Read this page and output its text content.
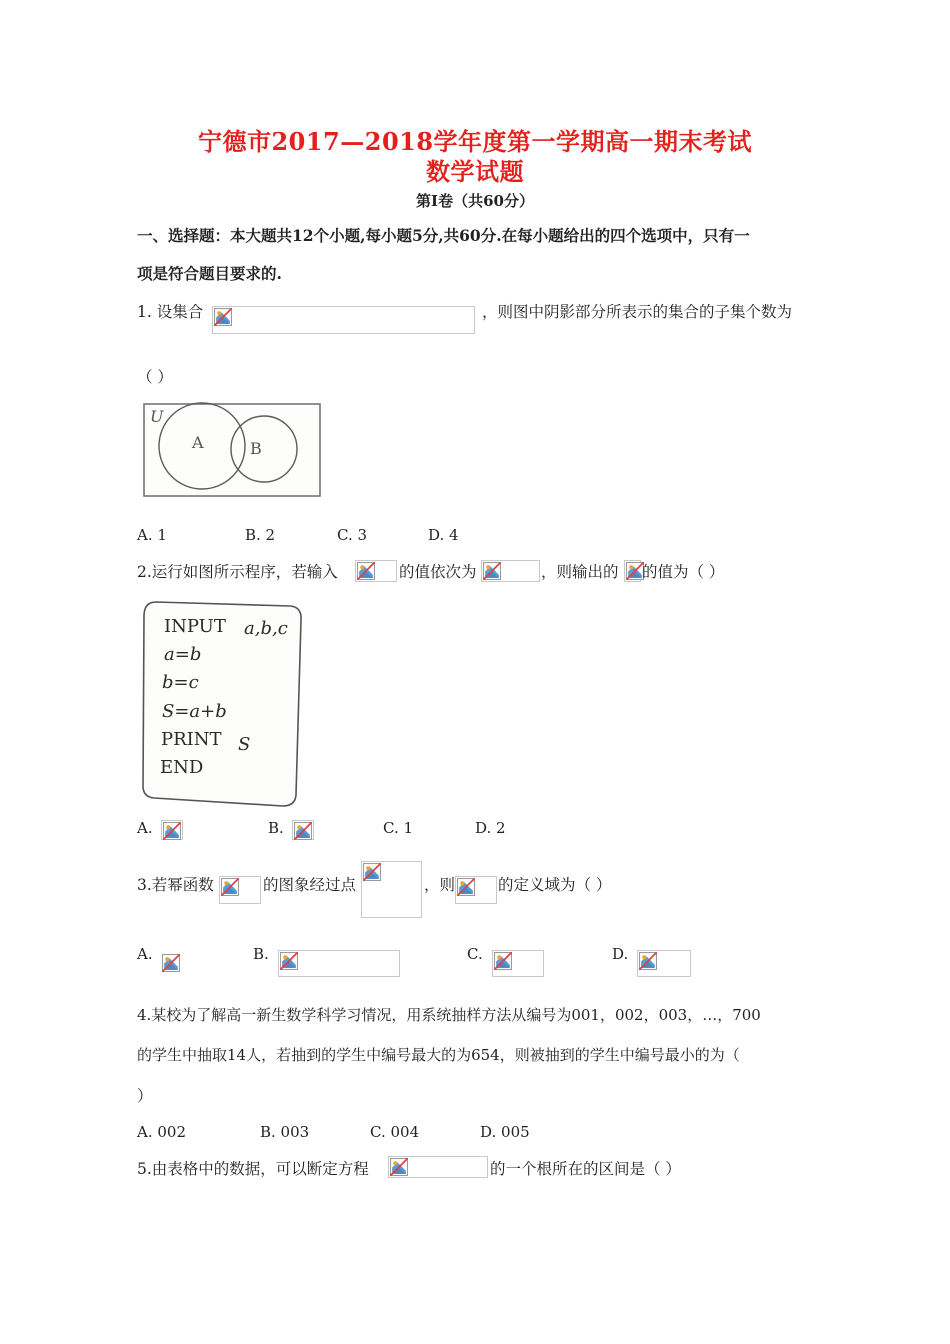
宁德市2017—2018学年度第一学期高一期末考试
数学试题
第Ⅰ卷（共60分）
一、选择题：本大题共12个小题,每小题5分,共60分.在每小题给出的四个选项中，只有一
项是符合题目要求的.
1. 设集合	，则图中阴影部分所表示的集合的子集个数为
（ ）
U
A	B
A. 1	B. 2	C. 3	D. 4
2.运行如图所示程序，若输入	的值依次为	，则输出的 的值为（ ）
INPUT a,b,c
a=b
b=c
S=a+b
PRINT S
END
A.	B.	C. 1	D. 2
3.若幂函数	的图象经过点	，则	的定义域为（ ）
A.	B.	C.	D.
4.某校为了解高一新生数学科学习情况，用系统抽样方法从编号为001，002，003，…，700
的学生中抽取14人，若抽到的学生中编号最大的为654，则被抽到的学生中编号最小的为（
）
A. 002	B. 003	C. 004	D. 005
5.由表格中的数据，可以断定方程	的一个根所在的区间是（ ）
